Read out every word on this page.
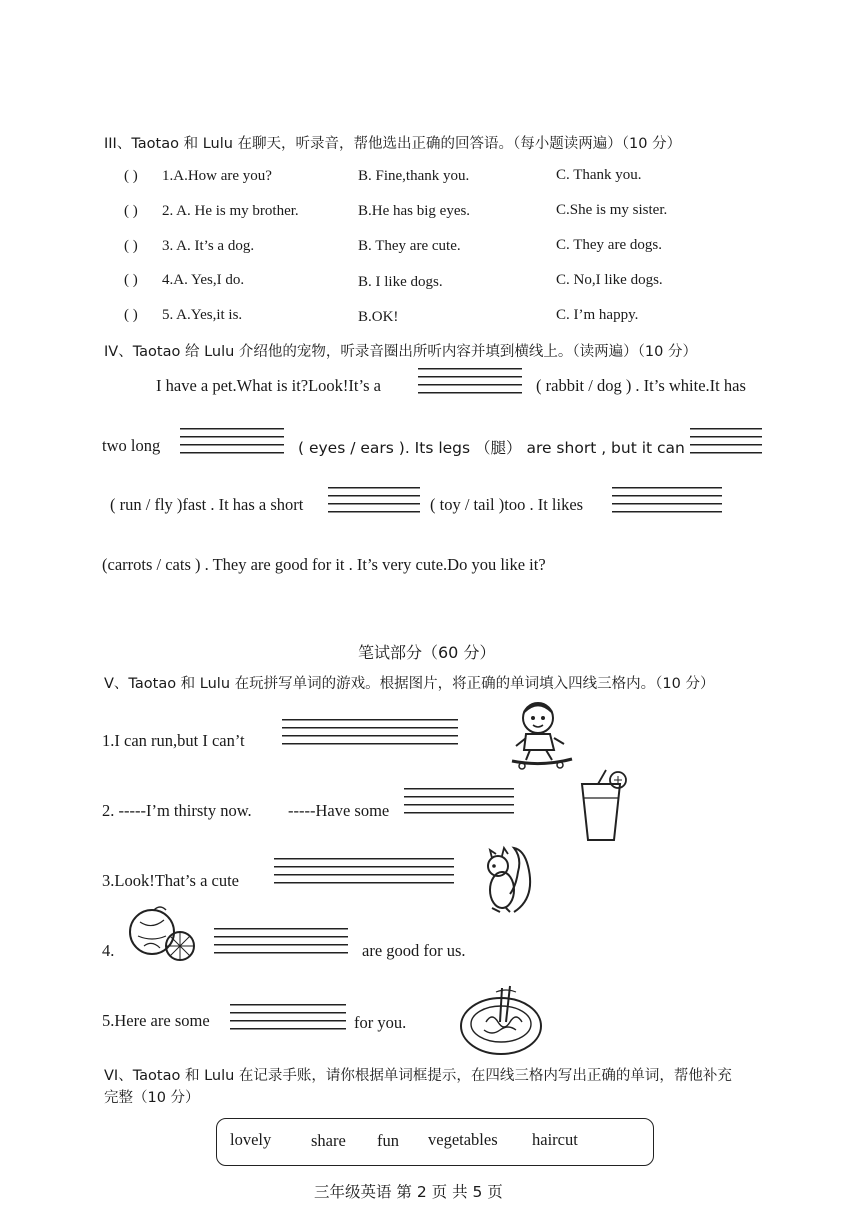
III、Taotao 和 Lulu 在聊天，听录音，帮他选出正确的回答语。（每小题读两遍）（10 分）
( ) 1.A.How are you?	B. Fine,thank you.	C. Thank you.
( ) 2. A. He is my brother.	B.He has big eyes.	C.She is my sister.
( ) 3. A. It’s a dog.	B. They are cute.	C. They are dogs.
( ) 4.A. Yes,I do.	B. I like dogs.	C. No,I like dogs.
( ) 5. A.Yes,it is.	B.OK!	C. I’m happy.
IV、Taotao 给 Lulu 介绍他的宠物，听录音圈出所听内容并填到横线上。（读两遍）（10 分）
I have a pet.What is it?Look!It’s a	( rabbit / dog ) . It’s white.It has
two long	( eyes / ears ). Its legs （腿） are short , but it can
( run / fly )fast . It has a short	( toy / tail )too . It likes
(carrots / cats ) . They are good for it . It’s very cute.Do you like it?
笔试部分（60 分）
V、Taotao 和 Lulu 在玩拼写单词的游戏。根据图片，将正确的单词填入四线三格内。（10 分）
1.I can run,but I can’t
2. -----I’m thirsty now. -----Have some
3.Look!That’s a cute
4.	are good for us.
5.Here are some	for you.
VI、Taotao 和 Lulu 在记录手账，请你根据单词框提示，在四线三格内写出正确的单词，帮他补充
完整（10 分）
lovely share fun vegetables haircut
三年级英语 第 2 页 共 5 页
